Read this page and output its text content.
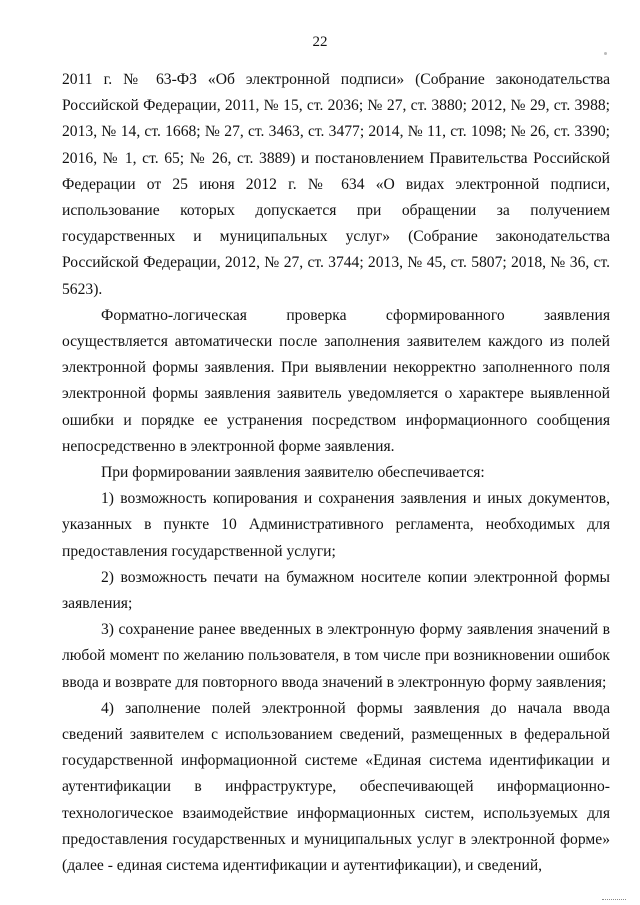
22

2011 г. № 63-ФЗ «Об электронной подписи» (Собрание законодательства Российской Федерации, 2011, № 15, ст. 2036; № 27, ст. 3880; 2012, № 29, ст. 3988; 2013, № 14, ст. 1668; № 27, ст. 3463, ст. 3477; 2014, № 11, ст. 1098; № 26, ст. 3390; 2016, № 1, ст. 65; № 26, ст. 3889) и постановлением Правительства Российской Федерации от 25 июня 2012 г. № 634 «О видах электронной подписи, использование которых допускается при обращении за получением государственных и муниципальных услуг» (Собрание законодательства Российской Федерации, 2012, № 27, ст. 3744; 2013, № 45, ст. 5807; 2018, № 36, ст. 5623).

Форматно-логическая проверка сформированного заявления осуществляется автоматически после заполнения заявителем каждого из полей электронной формы заявления. При выявлении некорректно заполненного поля электронной формы заявления заявитель уведомляется о характере выявленной ошибки и порядке ее устранения посредством информационного сообщения непосредственно в электронной форме заявления.

При формировании заявления заявителю обеспечивается:

1) возможность копирования и сохранения заявления и иных документов, указанных в пункте 10 Административного регламента, необходимых для предоставления государственной услуги;

2) возможность печати на бумажном носителе копии электронной формы заявления;

3) сохранение ранее введенных в электронную форму заявления значений в любой момент по желанию пользователя, в том числе при возникновении ошибок ввода и возврате для повторного ввода значений в электронную форму заявления;

4) заполнение полей электронной формы заявления до начала ввода сведений заявителем с использованием сведений, размещенных в федеральной государственной информационной системе «Единая система идентификации и аутентификации в инфраструктуре, обеспечивающей информационно-технологическое взаимодействие информационных систем, используемых для предоставления государственных и муниципальных услуг в электронной форме» (далее - единая система идентификации и аутентификации), и сведений,
